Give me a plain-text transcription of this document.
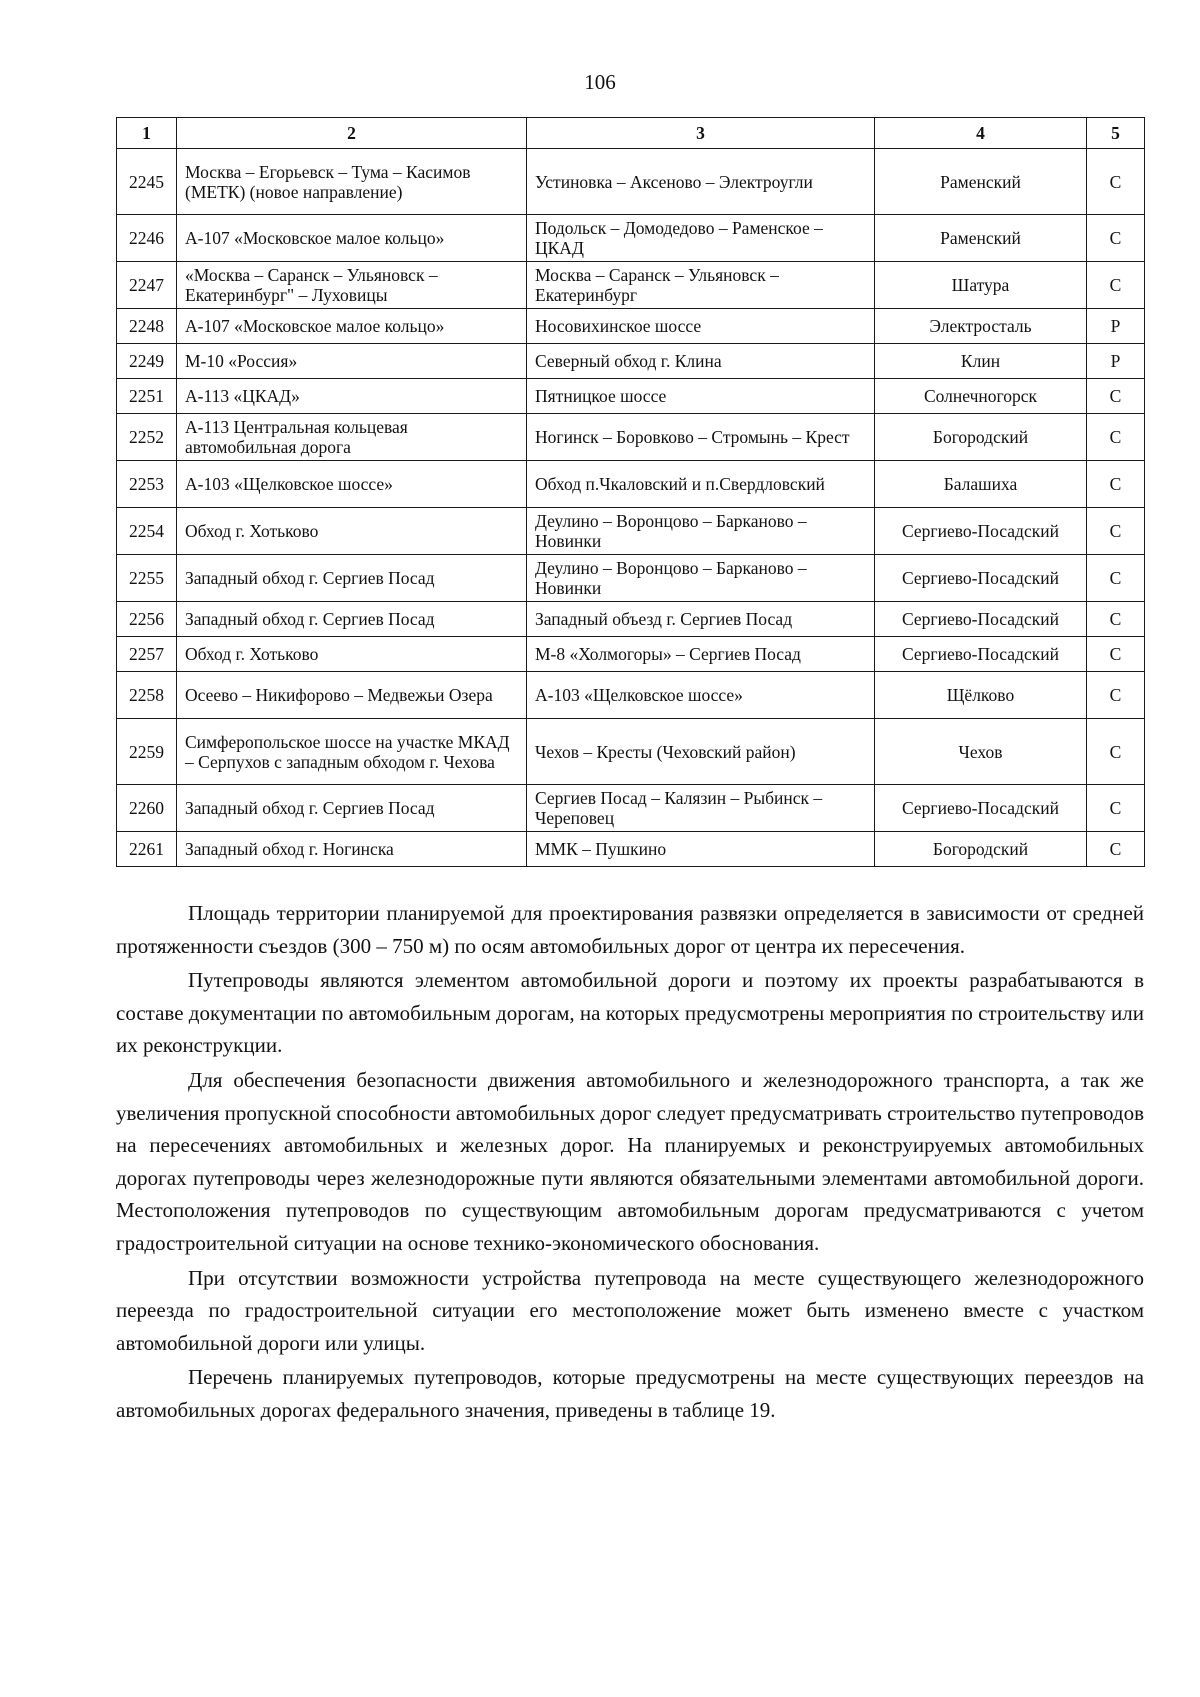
106
1	2	3	4	5
2245	Москва – Егорьевск – Тума – Касимов (МЕТК) (новое направление)	Устиновка – Аксеново – Электроугли	Раменский	С
2246	А-107 «Московское малое кольцо»	Подольск – Домодедово – Раменское – ЦКАД	Раменский	С
2247	«Москва – Саранск – Ульяновск – Екатеринбург" – Луховицы	Москва – Саранск – Ульяновск – Екатеринбург	Шатура	С
2248	А-107 «Московское малое кольцо»	Носовихинское шоссе	Электросталь	Р
2249	М-10 «Россия»	Северный обход г. Клина	Клин	Р
2251	А-113 «ЦКАД»	Пятницкое шоссе	Солнечногорск	С
2252	А-113 Центральная кольцевая автомобильная дорога	Ногинск – Боровково – Стромынь – Крест	Богородский	С
2253	А-103 «Щелковское шоссе»	Обход п.Чкаловский и п.Свердловский	Балашиха	С
2254	Обход г. Хотьково	Деулино – Воронцово – Барканово – Новинки	Сергиево-Посадский	С
2255	Западный обход г. Сергиев Посад	Деулино – Воронцово – Барканово – Новинки	Сергиево-Посадский	С
2256	Западный обход г. Сергиев Посад	Западный объезд г. Сергиев Посад	Сергиево-Посадский	С
2257	Обход г. Хотьково	М-8 «Холмогоры» – Сергиев Посад	Сергиево-Посадский	С
2258	Осеево – Никифорово – Медвежьи Озера	А-103 «Щелковское шоссе»	Щёлково	С
2259	Симферопольское шоссе на участке МКАД – Серпухов с западным обходом г. Чехова	Чехов – Кресты (Чеховский район)	Чехов	С
2260	Западный обход г. Сергиев Посад	Сергиев Посад – Калязин – Рыбинск – Череповец	Сергиево-Посадский	С
2261	Западный обход г. Ногинска	ММК – Пушкино	Богородский	С

Площадь территории планируемой для проектирования развязки определяется в зависимости от средней протяженности съездов (300 – 750 м) по осям автомобильных дорог от центра их пересечения.

Путепроводы являются элементом автомобильной дороги и поэтому их проекты разрабатываются в составе документации по автомобильным дорогам, на которых предусмотрены мероприятия по строительству или их реконструкции.

Для обеспечения безопасности движения автомобильного и железнодорожного транспорта, а так же увеличения пропускной способности автомобильных дорог следует предусматривать строительство путепроводов на пересечениях автомобильных и железных дорог. На планируемых и реконструируемых автомобильных дорогах путепроводы через железнодорожные пути являются обязательными элементами автомобильной дороги. Местоположения путепроводов по существующим автомобильным дорогам предусматриваются с учетом градостроительной ситуации на основе технико-экономического обоснования.

При отсутствии возможности устройства путепровода на месте существующего железнодорожного переезда по градостроительной ситуации его местоположение может быть изменено вместе с участком автомобильной дороги или улицы.

Перечень планируемых путепроводов, которые предусмотрены на месте существующих переездов на автомобильных дорогах федерального значения, приведены в таблице 19.
